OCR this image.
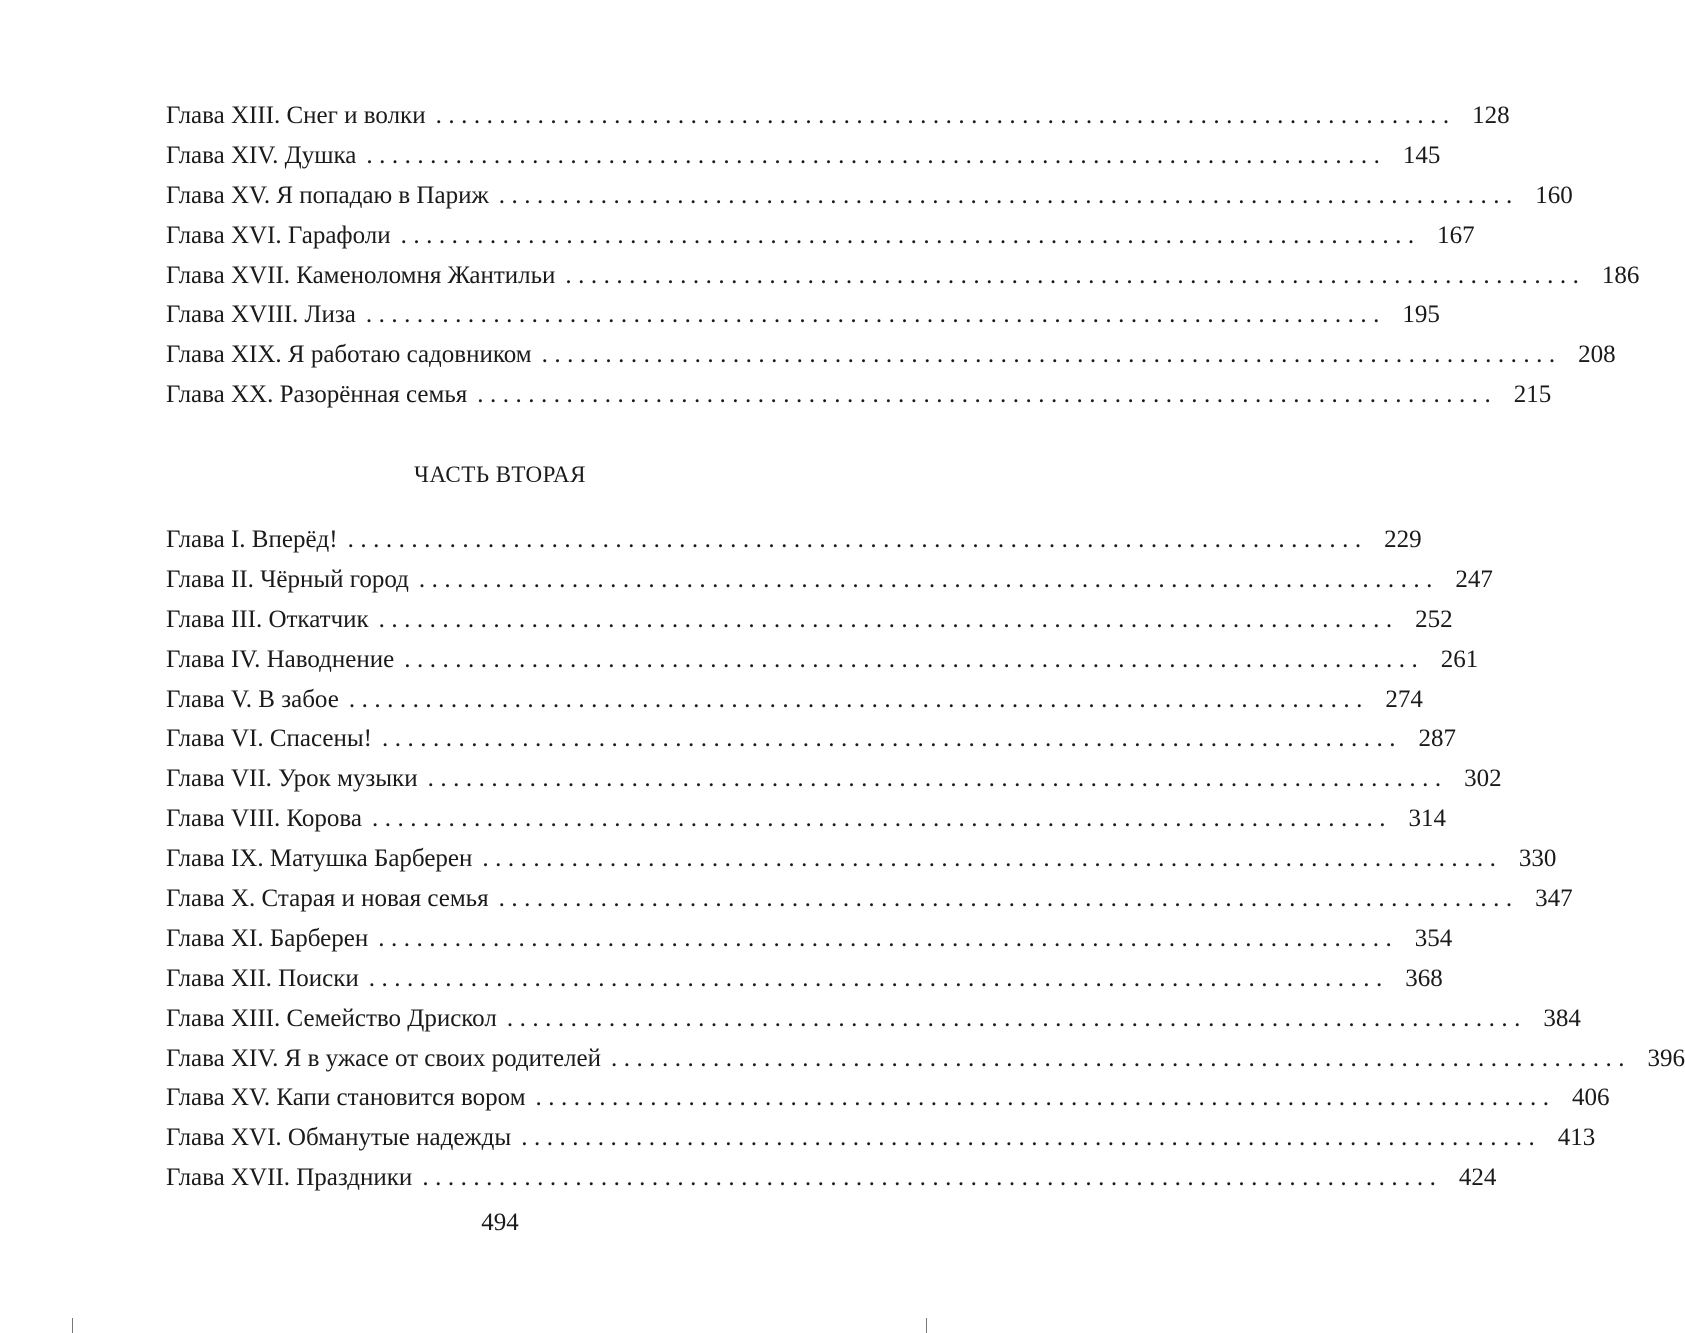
Глава XIII. Снег и волки ................................................................................ 128
Глава XIV. Душка ................................................................................ 145
Глава XV. Я попадаю в Париж ................................................................................ 160
Глава XVI. Гарафоли ................................................................................ 167
Глава XVII. Каменоломня Жантильи ................................................................................ 186
Глава XVIII. Лиза ................................................................................ 195
Глава XIX. Я работаю садовником ................................................................................ 208
Глава XX. Разорённая семья ................................................................................ 215
ЧАСТЬ ВТОРАЯ
Глава I. Вперёд! ................................................................................ 229
Глава II. Чёрный город ................................................................................ 247
Глава III. Откатчик ................................................................................ 252
Глава IV. Наводнение ................................................................................ 261
Глава V. В забое ................................................................................ 274
Глава VI. Спасены! ................................................................................ 287
Глава VII. Урок музыки ................................................................................ 302
Глава VIII. Корова ................................................................................ 314
Глава IX. Матушка Барберен ................................................................................ 330
Глава X. Старая и новая семья ................................................................................ 347
Глава XI. Барберен ................................................................................ 354
Глава XII. Поиски ................................................................................ 368
Глава XIII. Семейство Дрискол ................................................................................ 384
Глава XIV. Я в ужасе от своих родителей ................................................................................ 396
Глава XV. Капи становится вором ................................................................................ 406
Глава XVI. Обманутые надежды ................................................................................ 413
Глава XVII. Праздники ................................................................................ 424
494
